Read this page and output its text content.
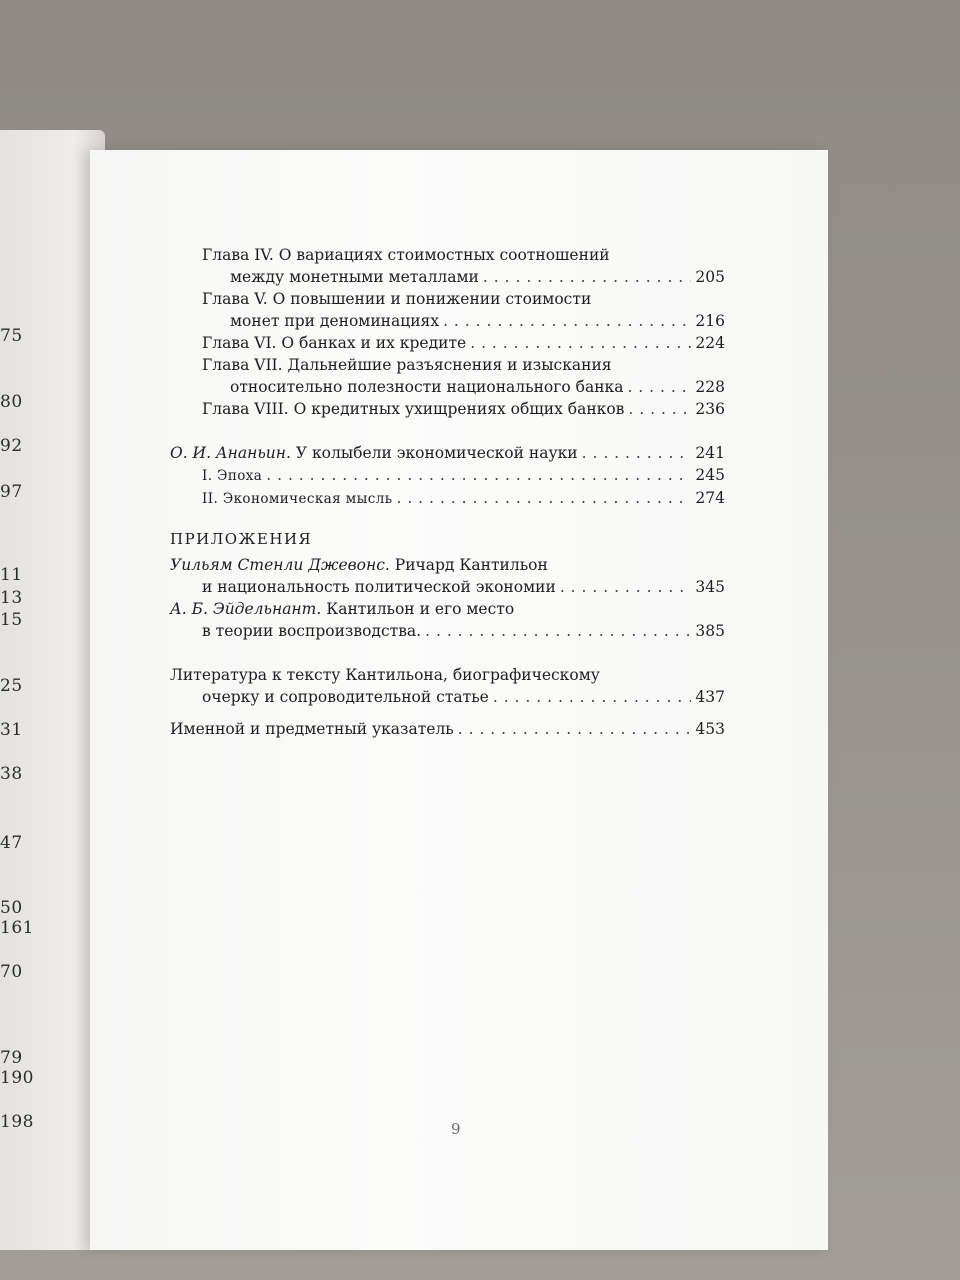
75
80
92
97
11
13
15
25
31
38
47
50
161
70
79
190
198
Глава IV. О вариациях стоимостных соотношений
между монетными металлами . . .	205
Глава V. О повышении и понижении стоимости
монет при деноминациях . . .	216
Глава VI. О банках и их кредите . . .	224
Глава VII. Дальнейшие разъяснения и изыскания
относительно полезности национального банка . . .	228
Глава VIII. О кредитных ухищрениях общих банков . . .	236
О. И. Ананьин. У колыбели экономической науки . . .	241
I. Эпоха . . .	245
II. Экономическая мысль . . .	274
ПРИЛОЖЕНИЯ
Уильям Стенли Джевонс. Ричард Кантильон
и национальность политической экономии . . .	345
А. Б. Эйдельнант. Кантильон и его место
в теории воспроизводства. . . .	385
Литература к тексту Кантильона, биографическому
очерку и сопроводительной статье . . .	437
Именной и предметный указатель . . .	453
9
